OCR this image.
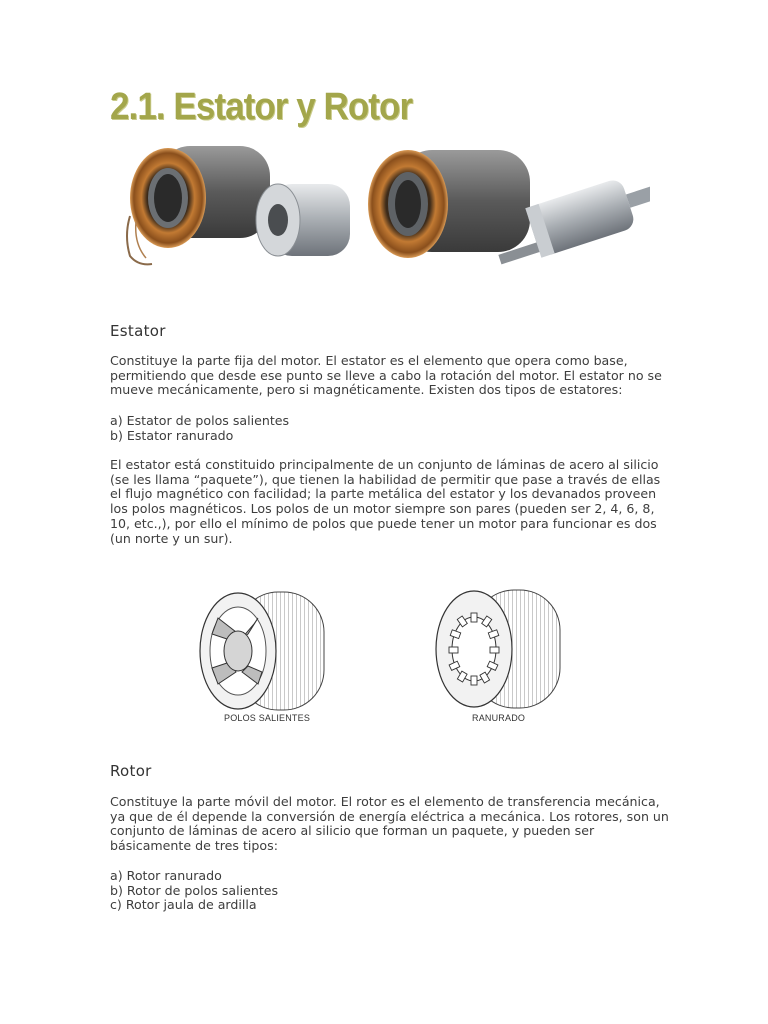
2.1. Estator y Rotor
Estator

Constituye la parte fija del motor. El estator es el elemento que opera como base, permitiendo que desde ese punto se lleve a cabo la rotación del motor. El estator no se mueve mecánicamente, pero si magnéticamente. Existen dos tipos de estatores:

a) Estator de polos salientes
b) Estator ranurado

El estator está constituido principalmente de un conjunto de láminas de acero al silicio (se les llama “paquete”), que tienen la habilidad de permitir que pase a través de ellas el flujo magnético con facilidad; la parte metálica del estator y los devanados proveen los polos magnéticos. Los polos de un motor siempre son pares (pueden ser 2, 4, 6, 8, 10, etc.,), por ello el mínimo de polos que puede tener un motor para funcionar es dos (un norte y un sur).

POLOS SALIENTES	RANURADO
Rotor

Constituye la parte móvil del motor. El rotor es el elemento de transferencia mecánica, ya que de él depende la conversión de energía eléctrica a mecánica. Los rotores, son un conjunto de láminas de acero al silicio que forman un paquete, y pueden ser básicamente de tres tipos:

a) Rotor ranurado
b) Rotor de polos salientes
c) Rotor jaula de ardilla
